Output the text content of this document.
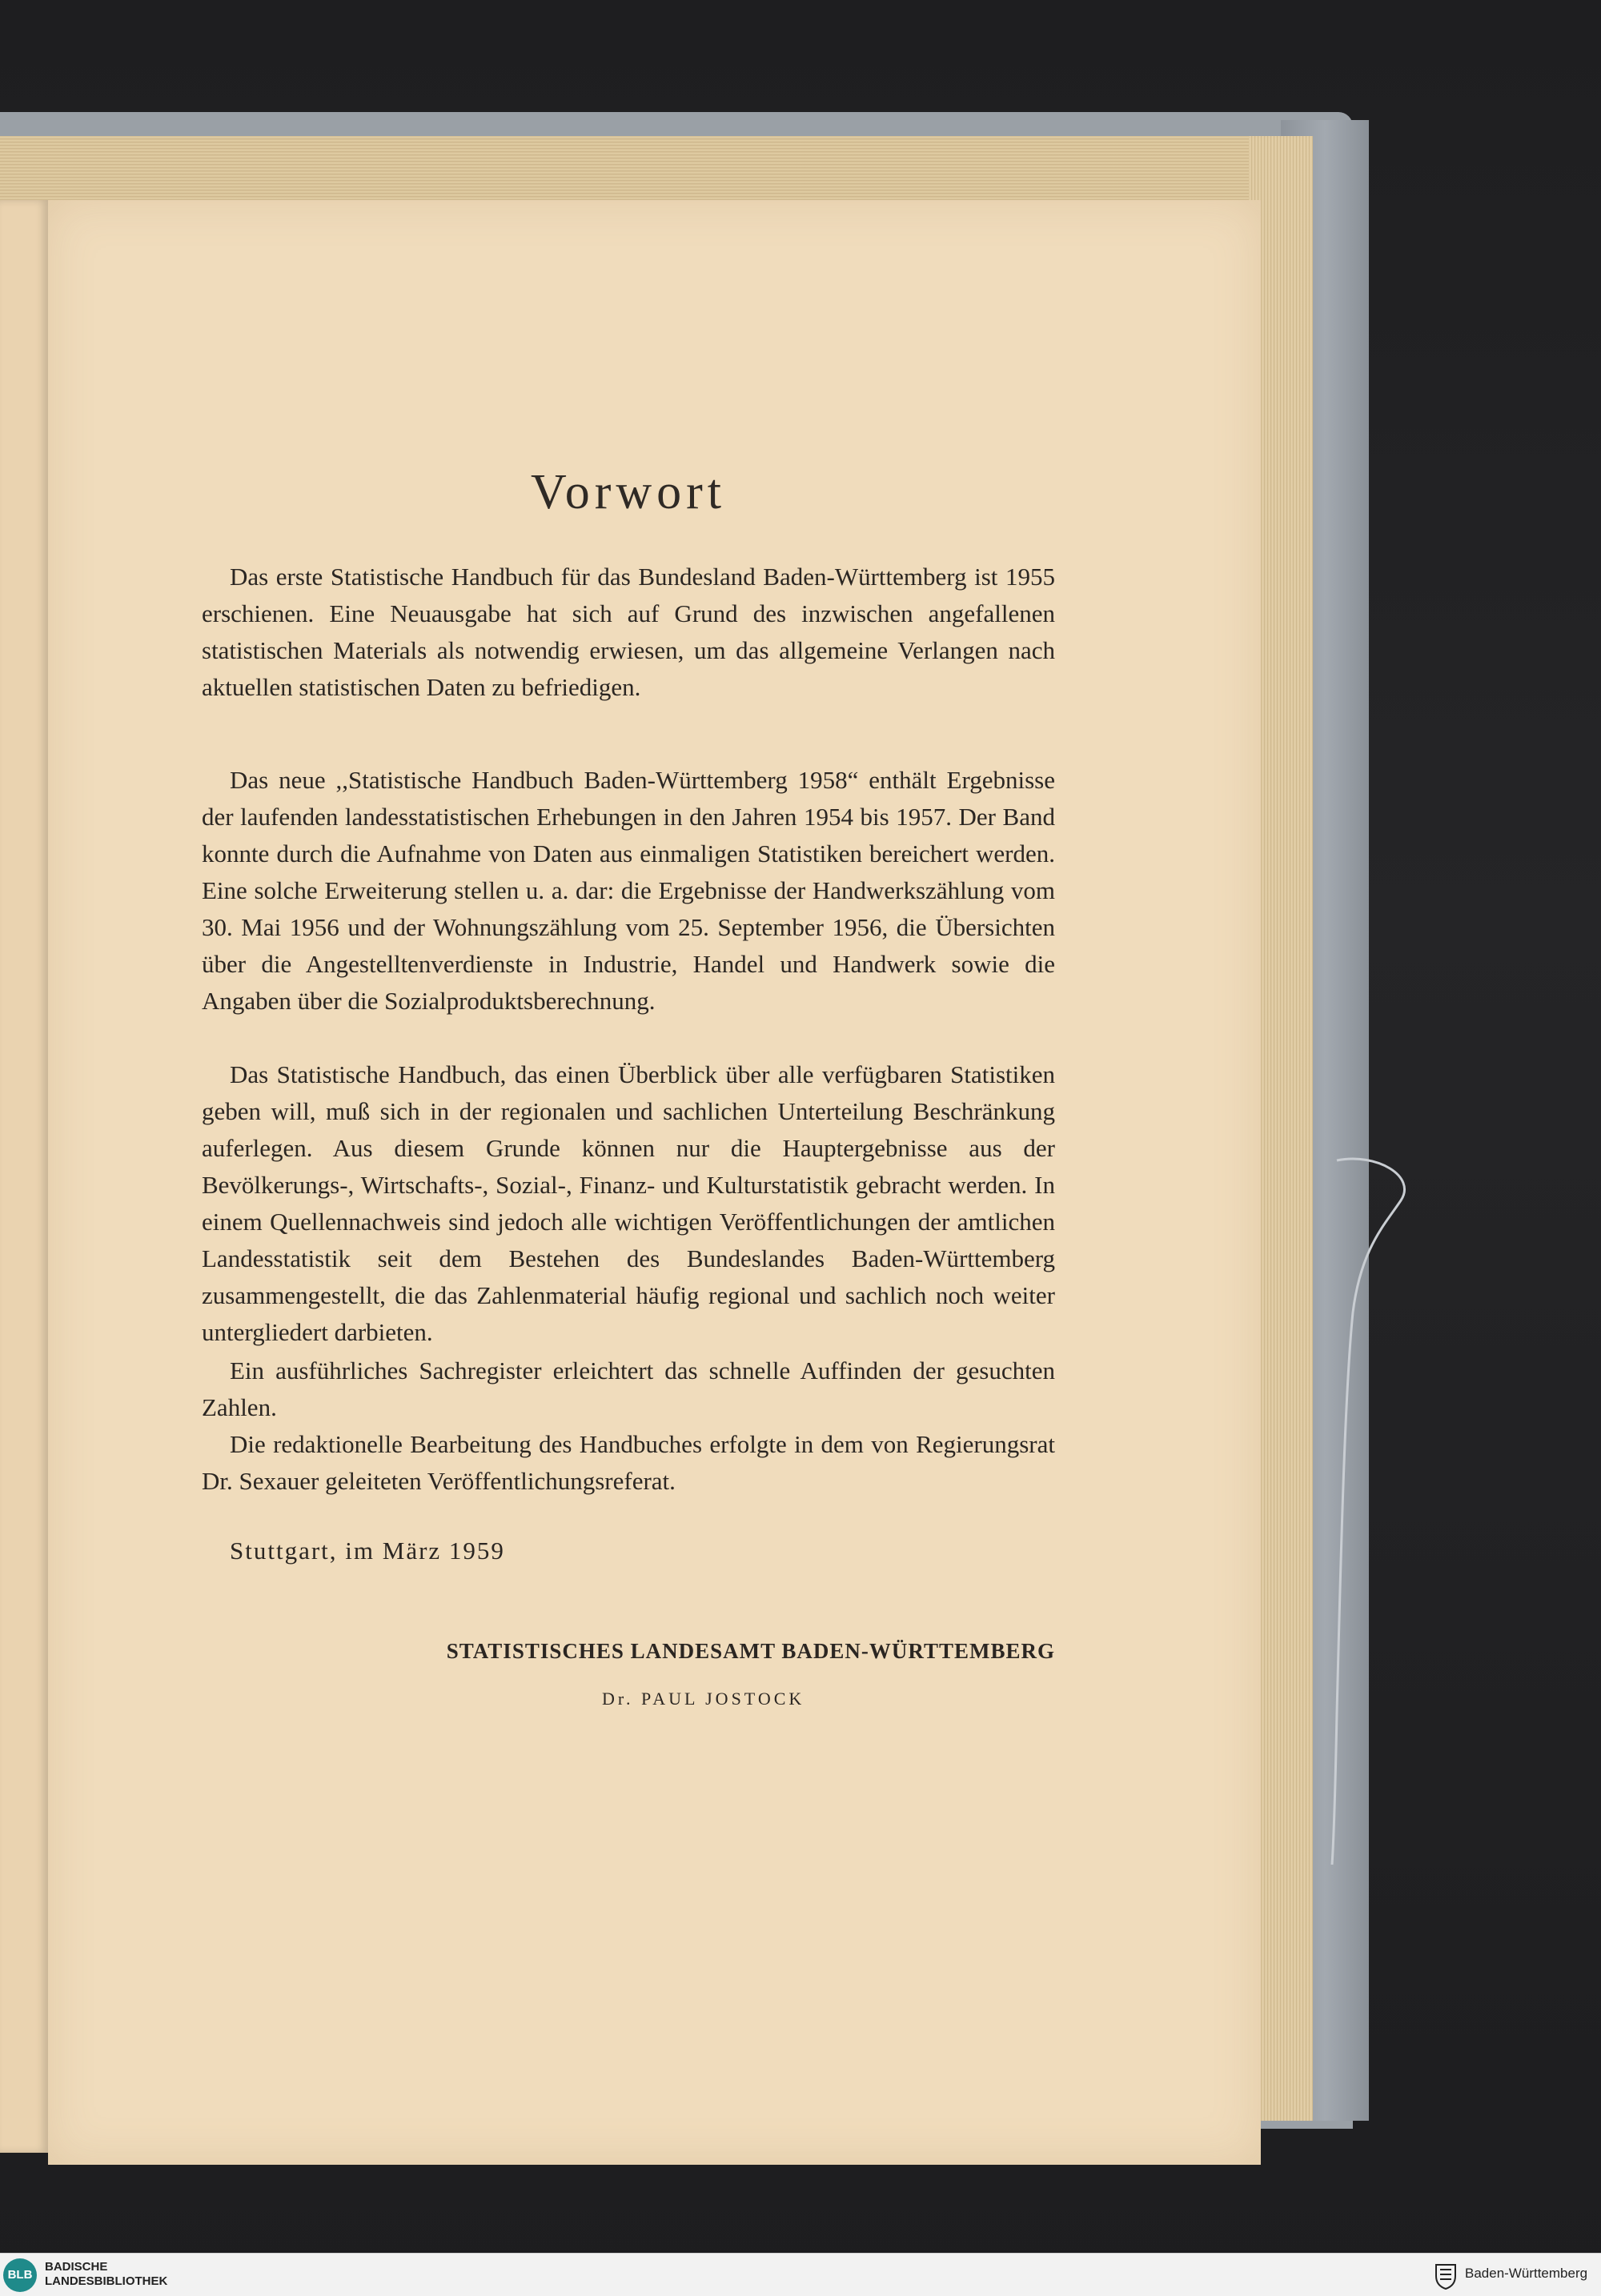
Vorwort

Das erste Statistische Handbuch für das Bundesland Baden-Württemberg ist 1955 erschienen. Eine Neuausgabe hat sich auf Grund des inzwischen angefallenen statistischen Materials als notwendig erwiesen, um das allgemeine Verlangen nach aktuellen statistischen Daten zu befriedigen.

Das neue ,,Statistische Handbuch Baden-Württemberg 1958“ enthält Ergebnisse der laufenden landesstatistischen Erhebungen in den Jahren 1954 bis 1957. Der Band konnte durch die Aufnahme von Daten aus einmaligen Statistiken bereichert werden. Eine solche Erweiterung stellen u. a. dar: die Ergebnisse der Handwerkszählung vom 30. Mai 1956 und der Wohnungszählung vom 25. September 1956, die Übersichten über die Angestelltenverdienste in Industrie, Handel und Handwerk sowie die Angaben über die Sozialproduktsberechnung.

Das Statistische Handbuch, das einen Überblick über alle verfügbaren Statistiken geben will, muß sich in der regionalen und sachlichen Unterteilung Beschränkung auferlegen. Aus diesem Grunde können nur die Hauptergebnisse aus der Bevölkerungs-, Wirtschafts-, Sozial-, Finanz- und Kulturstatistik gebracht werden. In einem Quellennachweis sind jedoch alle wichtigen Veröffentlichungen der amtlichen Landesstatistik seit dem Bestehen des Bundeslandes Baden-Württemberg zusammengestellt, die das Zahlenmaterial häufig regional und sachlich noch weiter untergliedert darbieten.

Ein ausführliches Sachregister erleichtert das schnelle Auffinden der gesuchten Zahlen.

Die redaktionelle Bearbeitung des Handbuches erfolgte in dem von Regierungsrat Dr. Sexauer geleiteten Veröffentlichungsreferat.

Stuttgart, im März 1959

STATISTISCHES LANDESAMT BADEN-WÜRTTEMBERG

Dr. PAUL JOSTOCK

BLB
BADISCHE
LANDESBIBLIOTHEK
Baden-Württemberg
